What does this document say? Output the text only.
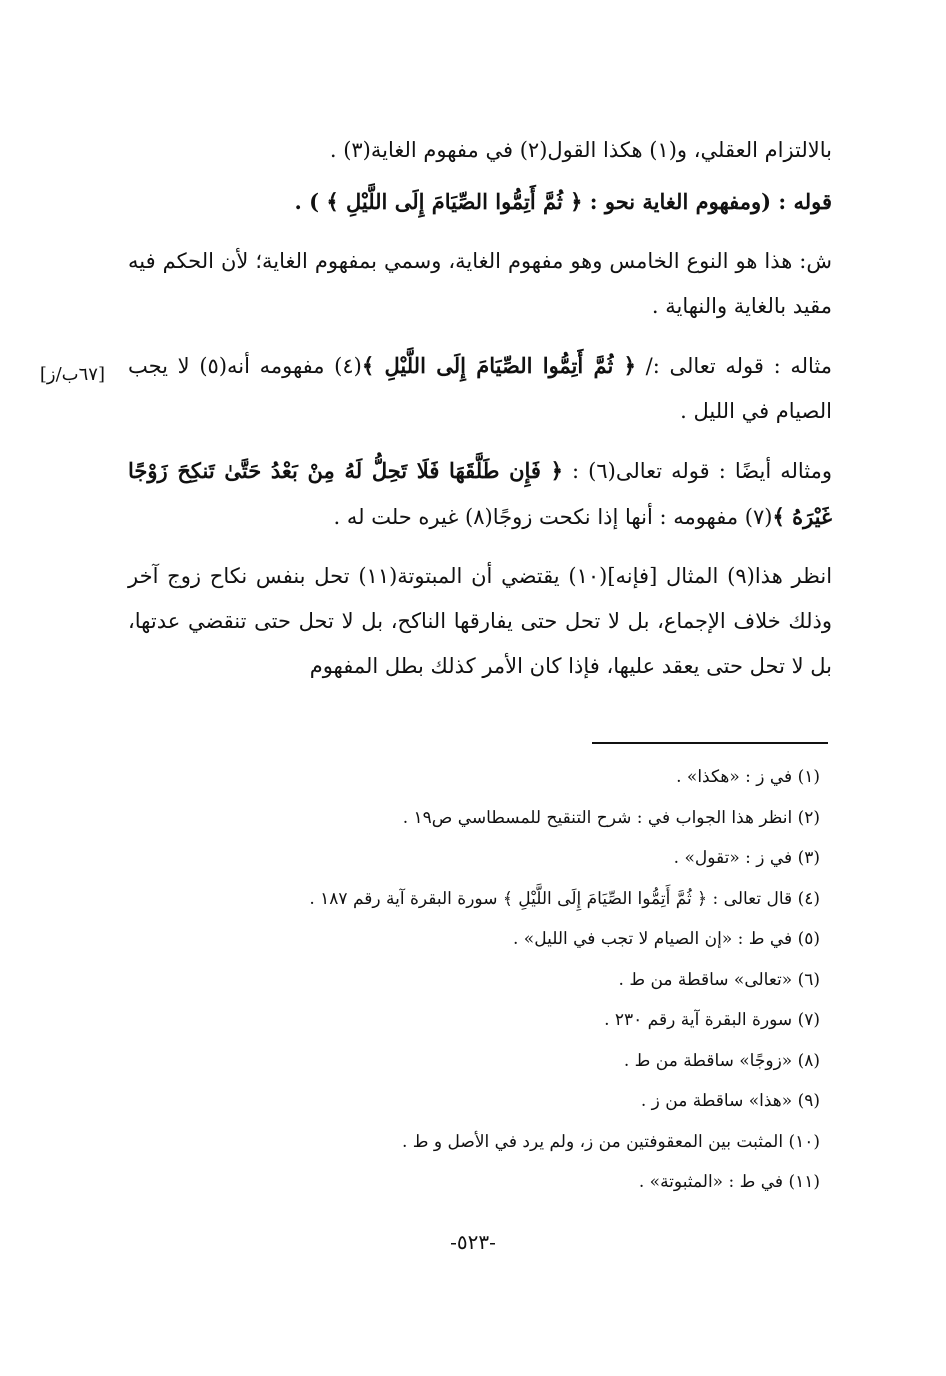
بالالتزام العقلي، و(١) هكذا القول(٢) في مفهوم الغاية(٣) .

قوله : (ومفهوم الغاية نحو : ﴿ ثُمَّ أَتِمُّوا الصِّيَامَ إِلَى اللَّيْلِ ﴾ ) .

ش: هذا هو النوع الخامس وهو مفهوم الغاية، وسمي بمفهوم الغاية؛ لأن الحكم فيه مقيد بالغاية والنهاية .

مثاله : قوله تعالى :/ ﴿ ثُمَّ أَتِمُّوا الصِّيَامَ إِلَى اللَّيْلِ ﴾(٤) مفهومه أنه(٥) لا يجب الصيام في الليل .

ومثاله أيضًا : قوله تعالى(٦) : ﴿ فَإِن طَلَّقَهَا فَلَا تَحِلُّ لَهُ مِنْ بَعْدُ حَتَّىٰ تَنكِحَ زَوْجًا غَيْرَهُ ﴾(٧) مفهومه : أنها إذا نكحت زوجًا(٨) غيره حلت له .

انظر هذا(٩) المثال [فإنه](١٠) يقتضي أن المبتوتة(١١) تحل بنفس نكاح زوج آخر وذلك خلاف الإجماع، بل لا تحل حتى يفارقها الناكح، بل لا تحل حتى تنقضي عدتها، بل لا تحل حتى يعقد عليها، فإذا كان الأمر كذلك بطل المفهوم

[٦٧ب/ز]
(١) في ز : «هكذا» .
(٢) انظر هذا الجواب في : شرح التنقيح للمسطاسي ص١٩ .
(٣) في ز : «تقول» .
(٤) قال تعالى : ﴿ ثُمَّ أَتِمُّوا الصِّيَامَ إِلَى اللَّيْلِ ﴾ سورة البقرة آية رقم ١٨٧ .
(٥) في ط : «إن الصيام لا تجب في الليل» .
(٦) «تعالى» ساقطة من ط .
(٧) سورة البقرة آية رقم ٢٣٠ .
(٨) «زوجًا» ساقطة من ط .
(٩) «هذا» ساقطة من ز .
(١٠) المثبت بين المعقوفتين من ز، ولم يرد في الأصل و ط .
(١١) في ط : «المثبوتة» .
-٥٢٣-
